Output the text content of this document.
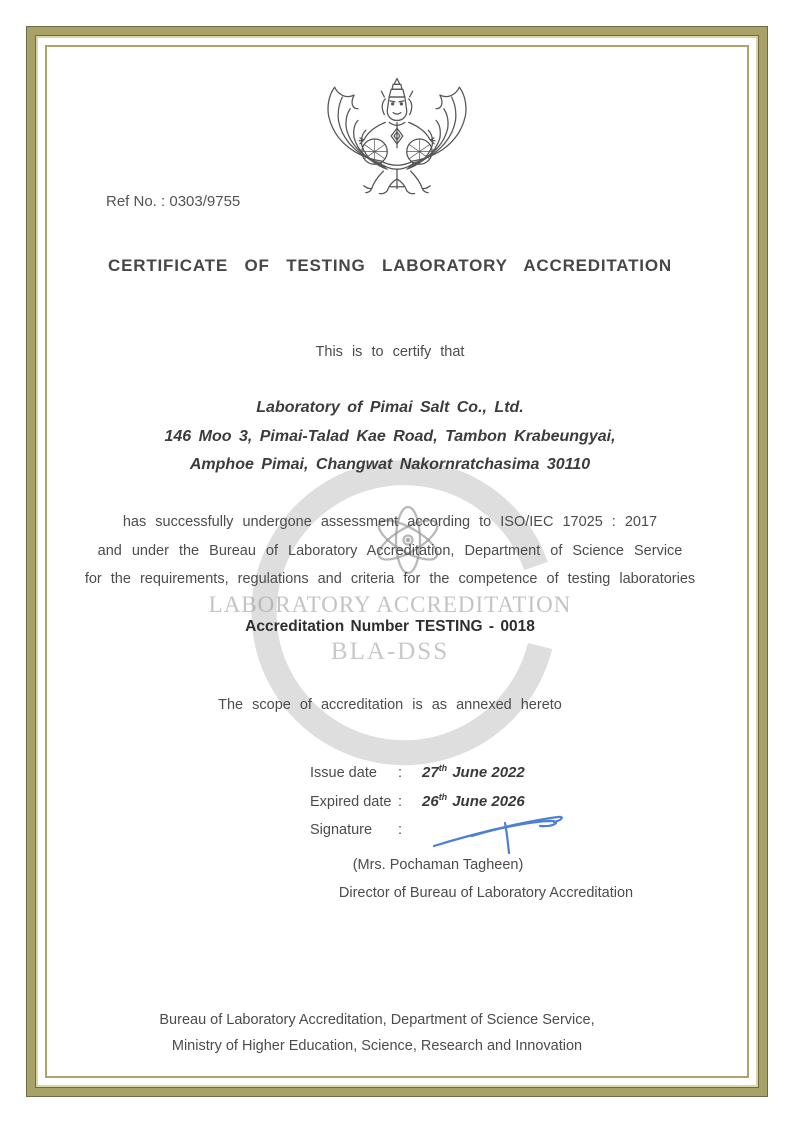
Ref No. : 0303/9755
CERTIFICATE OF TESTING LABORATORY ACCREDITATION
This is to certify that
Laboratory of Pimai Salt Co., Ltd.
146 Moo 3, Pimai-Talad Kae Road, Tambon Krabeungyai,
Amphoe Pimai, Changwat Nakornratchasima 30110
has successfully undergone assessment according to ISO/IEC 17025 : 2017
and under the Bureau of Laboratory Accreditation, Department of Science Service
for the requirements, regulations and criteria for the competence of testing laboratories
LABORATORY ACCREDITATION
Accreditation Number TESTING - 0018
BLA-DSS
The scope of accreditation is as annexed hereto
Issue date	:	27th June 2022
Expired date :	26th June 2026
Signature	:
(Mrs. Pochaman Tagheen)
Director of Bureau of Laboratory Accreditation
Bureau of Laboratory Accreditation, Department of Science Service,
Ministry of Higher Education, Science, Research and Innovation
